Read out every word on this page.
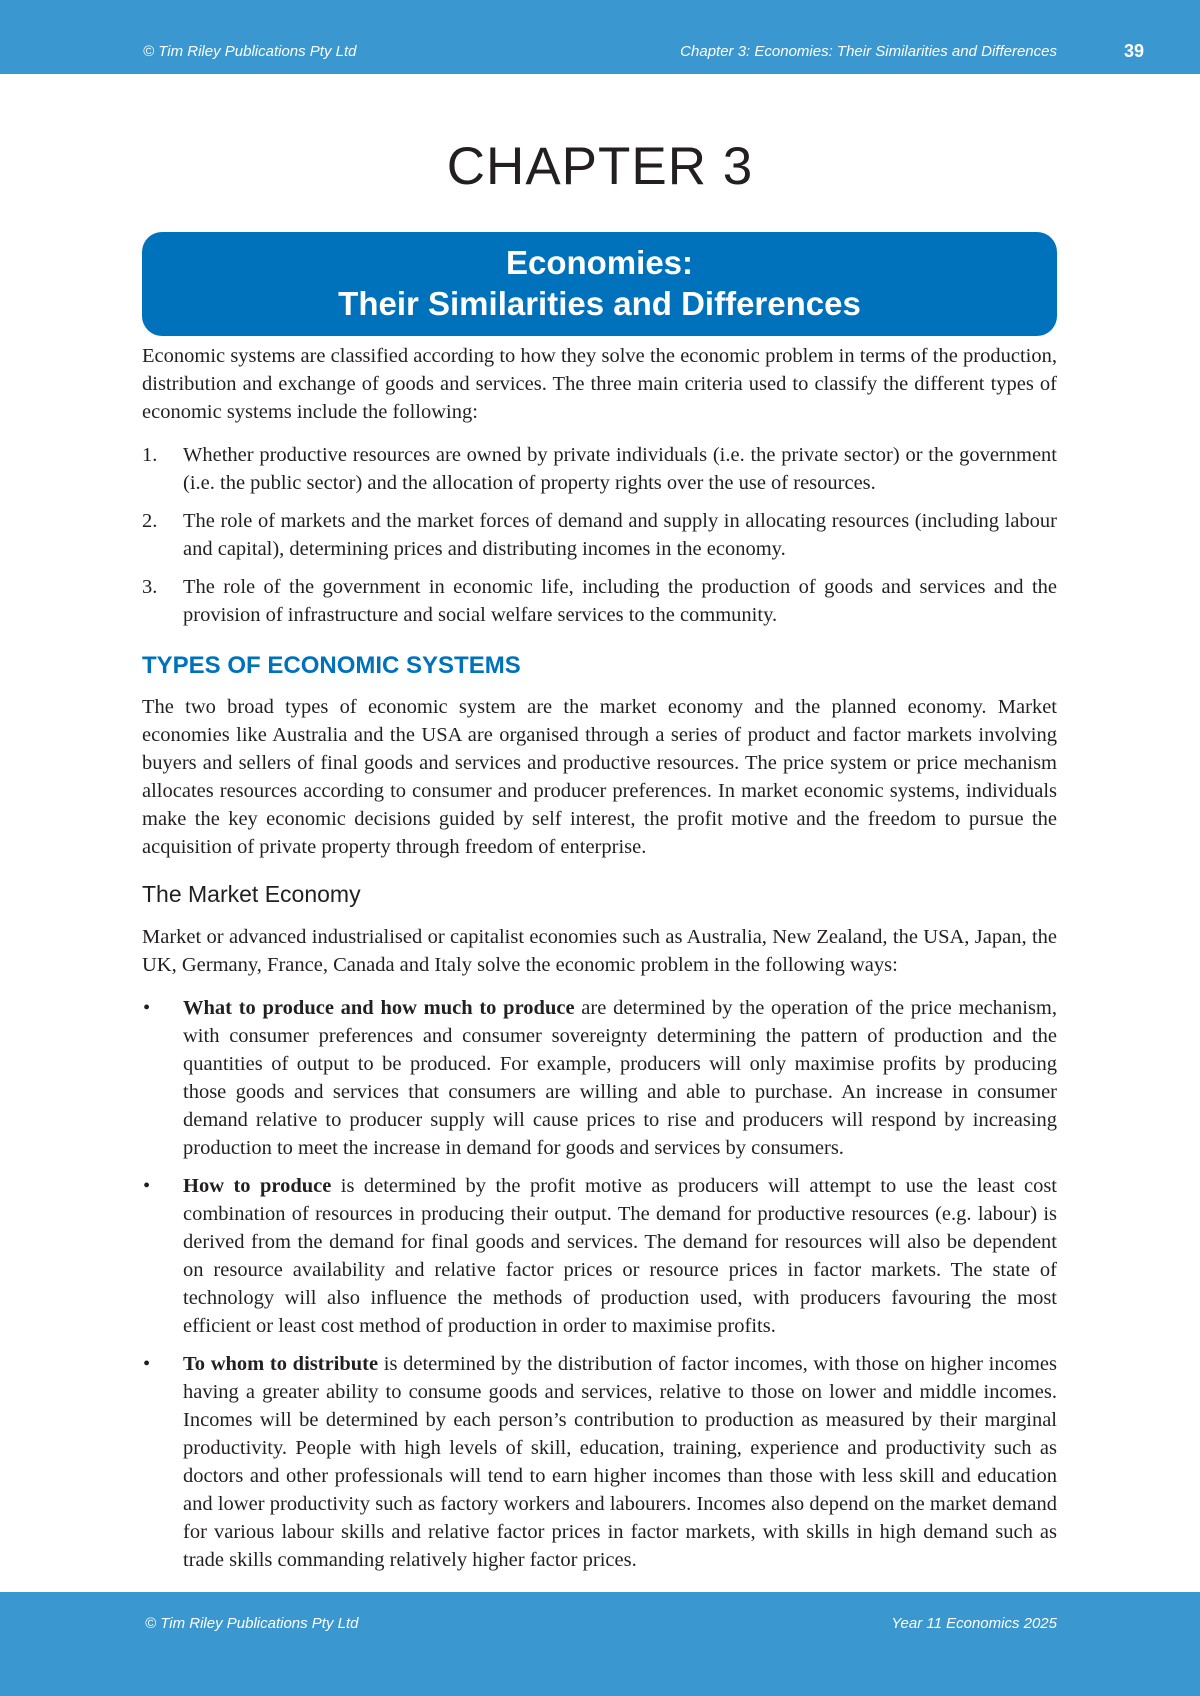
© Tim Riley Publications Pty Ltd	Chapter 3: Economies: Their Similarities and Differences	39
CHAPTER 3
Economies:
Their Similarities and Differences

Economic systems are classified according to how they solve the economic problem in terms of the production, distribution and exchange of goods and services. The three main criteria used to classify the different types of economic systems include the following:

1. Whether productive resources are owned by private individuals (i.e. the private sector) or the government (i.e. the public sector) and the allocation of property rights over the use of resources.
2. The role of markets and the market forces of demand and supply in allocating resources (including labour and capital), determining prices and distributing incomes in the economy.
3. The role of the government in economic life, including the production of goods and services and the provision of infrastructure and social welfare services to the community.
TYPES OF ECONOMIC SYSTEMS

The two broad types of economic system are the market economy and the planned economy. Market economies like Australia and the USA are organised through a series of product and factor markets involving buyers and sellers of final goods and services and productive resources. The price system or price mechanism allocates resources according to consumer and producer preferences. In market economic systems, individuals make the key economic decisions guided by self interest, the profit motive and the freedom to pursue the acquisition of private property through freedom of enterprise.

The Market Economy

Market or advanced industrialised or capitalist economies such as Australia, New Zealand, the USA, Japan, the UK, Germany, France, Canada and Italy solve the economic problem in the following ways:

• What to produce and how much to produce are determined by the operation of the price mechanism, with consumer preferences and consumer sovereignty determining the pattern of production and the quantities of output to be produced. For example, producers will only maximise profits by producing those goods and services that consumers are willing and able to purchase. An increase in consumer demand relative to producer supply will cause prices to rise and producers will respond by increasing production to meet the increase in demand for goods and services by consumers.
• How to produce is determined by the profit motive as producers will attempt to use the least cost combination of resources in producing their output. The demand for productive resources (e.g. labour) is derived from the demand for final goods and services. The demand for resources will also be dependent on resource availability and relative factor prices or resource prices in factor markets. The state of technology will also influence the methods of production used, with producers favouring the most efficient or least cost method of production in order to maximise profits.
• To whom to distribute is determined by the distribution of factor incomes, with those on higher incomes having a greater ability to consume goods and services, relative to those on lower and middle incomes. Incomes will be determined by each person’s contribution to production as measured by their marginal productivity. People with high levels of skill, education, training, experience and productivity such as doctors and other professionals will tend to earn higher incomes than those with less skill and education and lower productivity such as factory workers and labourers. Incomes also depend on the market demand for various labour skills and relative factor prices in factor markets, with skills in high demand such as trade skills commanding relatively higher factor prices.
© Tim Riley Publications Pty Ltd	Year 11 Economics 2025
